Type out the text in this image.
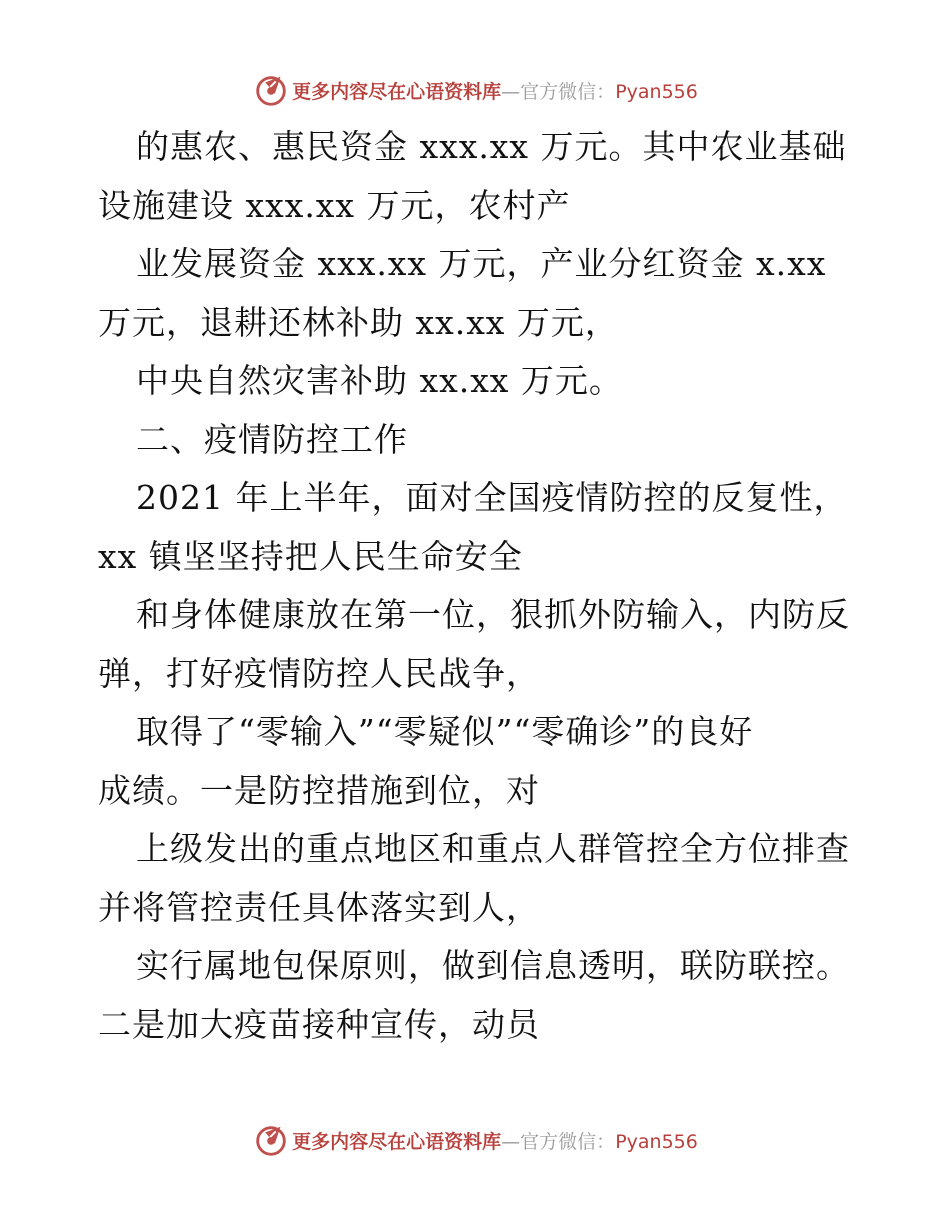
更多内容尽在心语资料库—官方微信：Pyan556
的惠农、惠民资金 xxx.xx 万元。其中农业基础
设施建设 xxx.xx 万元，农村产
业发展资金 xxx.xx 万元，产业分红资金 x.xx
万元，退耕还林补助 xx.xx 万元，
中央自然灾害补助 xx.xx 万元。
二、疫情防控工作
2021 年上半年，面对全国疫情防控的反复性，
xx 镇坚坚持把人民生命安全
和身体健康放在第一位，狠抓外防输入，内防反
弹，打好疫情防控人民战争，
取得了“零输入”“零疑似”“零确诊”的良好
成绩。一是防控措施到位，对
上级发出的重点地区和重点人群管控全方位排查
并将管控责任具体落实到人，
实行属地包保原则，做到信息透明，联防联控。
二是加大疫苗接种宣传，动员
更多内容尽在心语资料库—官方微信：Pyan556
